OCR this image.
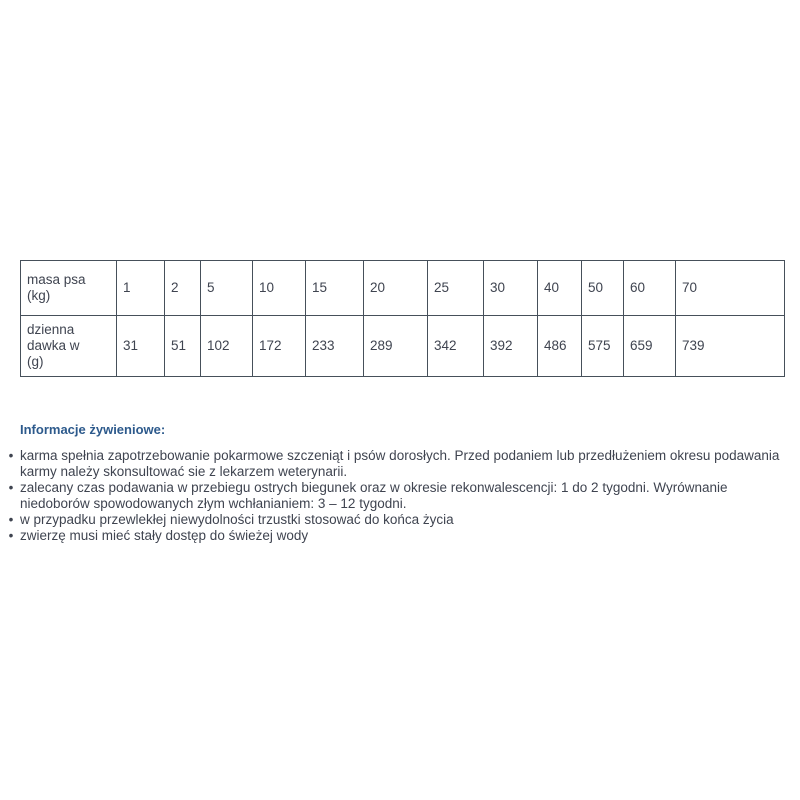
masa psa
(kg)	1	2	5	10	15	20	25	30	40	50	60	70
dzienna
dawka w
(g)	31	51	102	172	233	289	342	392	486	575	659	739

Informacje żywieniowe:

• karma spełnia zapotrzebowanie pokarmowe szczeniąt i psów dorosłych. Przed podaniem lub przedłużeniem okresu podawania karmy należy skonsultować sie z lekarzem weterynarii.
• zalecany czas podawania w przebiegu ostrych biegunek oraz w okresie rekonwalescencji: 1 do 2 tygodni. Wyrównanie niedoborów spowodowanych złym wchłanianiem: 3 – 12 tygodni.
• w przypadku przewlekłej niewydolności trzustki stosować do końca życia
• zwierzę musi mieć stały dostęp do świeżej wody
